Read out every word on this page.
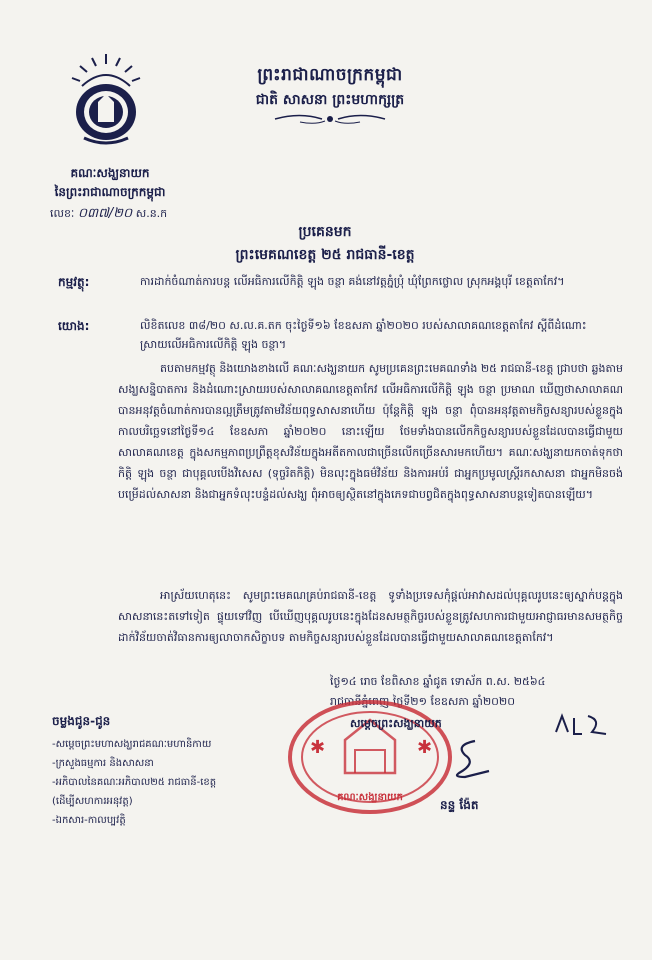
ព្រះរាជាណាចក្រកម្ពុជា
ជាតិ សាសនា ព្រះមហាក្សត្រ
គណៈសង្ឃនាយក
នៃព្រះរាជាណាចក្រកម្ពុជា
លេខៈ ០៣៧/២០ ស.ន.ក
ប្រគេនមក
ព្រះមេគណខេត្ត ២៥ រាជធានី-ខេត្ត
កម្មវត្ថុ:	ការដាក់ចំណាត់ការបន្ត លើអធិការលើកិត្តិ ឡុង ចន្ថា គង់នៅវត្តភ្នំប្រុំ ឃុំព្រែកថ្លោល ស្រុកអង្គបុរី ខេត្តតាកែវ។
យោង:	លិខិតលេខ ៣៨/២០ ស.ល.គ.តក ចុះថ្ងៃទី១៦ ខែឧសភា ឆ្នាំ២០២០ របស់សាលាគណខេត្តតាកែវ ស្តីពីដំណោះស្រាយលើអធិការលើកិត្តិ ឡុង ចន្ថា។

តបតាមកម្មវត្ថុ និងយោងខាងលើ គណៈសង្ឃនាយក សូមប្រគេនព្រះមេគណទាំង ២៥ រាជធានី-ខេត្ត ជ្រាបថា ឆ្លងតាមសង្ឃសន្និបាតការ និងដំណោះស្រាយរបស់សាលាគណខេត្តតាកែវ លើអធិការលើកិត្តិ ឡុង ចន្ថា ប្រមាណ ឃើញថាសាលាគណបានអនុវត្តចំណាត់ការបានល្អត្រឹមត្រូវតាមវិន័យពុទ្ធសាសនាហើយ ប៉ុន្តែកិត្តិ ឡុង ចន្ថា ពុំបានអនុវត្តតាមកិច្ចសន្យារបស់ខ្លួនក្នុងកាលបរិច្ឆេទនៅថ្ងៃទី១៤ ខែឧសភា ឆ្នាំ២០២០ នោះឡើយ ថែមទាំងបានលើកកិច្ចសន្យារបស់ខ្លួនដែលបានធ្វើជាមួយសាលាគណខេត្ត ក្នុងសកម្មភាពប្រព្រឹត្តខុសវិន័យក្នុងអតីតកាលជាច្រើនលើកច្រើនសារមកហើយ។ គណៈសង្ឃនាយកចាត់ទុកថា កិត្តិ ឡុង ចន្ថា ជាបុគ្គលបើងវិសេស (ទុច្ចរិតកិត្តិ) មិនលុះក្នុងធម៌វិន័យ និងការអប់រំ ជាអ្នកប្រមូលស្ត្រីរកសាសនា ជាអ្នកមិនចង់បម្រើដល់សាសនា និងជាអ្នកទំលុះបន្ទំដល់សង្ឃ ពុំអាចឲ្យស្ថិតនៅក្នុងភេទជាបព្វជិតក្នុងពុទ្ធសាសនាបន្តទៀតបានឡើយ។

អាស្រ័យហេតុនេះ សូមព្រះមេគណគ្រប់រាជធានី-ខេត្ត ទូទាំងប្រទេសកុំផ្តល់អាវាសដល់បុគ្គលរូបនេះឲ្យស្នាក់បន្តក្នុងសាសនានេះតទៅទៀត ផ្ទុយទៅវិញ បើឃើញបុគ្គលរូបនេះក្នុងដែនសមត្ថកិច្ចរបស់ខ្លួនត្រូវសហការជាមួយអាជ្ញាធរមានសមត្ថកិច្ចដាក់វិន័យចាត់វិធានការឲ្យលាចាកសិក្ខាបទ តាមកិច្ចសន្យារបស់ខ្លួនដែលបានធ្វើជាមួយសាលាគណខេត្តតាកែវ។

ថ្ងៃ១៤ រោច ខែពិសាខ ឆ្នាំជូត ទោស័ក ព.ស. ២៥៦៤
រាជធានីភ្នំពេញ ថ្ងៃទី២១ ខែឧសភា ឆ្នាំ២០២០
✱	✱
គណៈសង្ឃនាយក
សម្តេចព្រះសង្ឃនាយក
នន្ទ ង៉ែត
ចម្លងជូន-ជូន
-សម្តេចព្រះមហាសង្ឃរាជគណៈមហានិកាយ
-ក្រសួងធម្មការ និងសាសនា
-អភិបាលនៃគណៈអភិបាល២៥ រាជធានី-ខេត្ត
(ដើម្បីសហការអនុវត្ត)
-ឯកសារ-កាលប្បវត្តិ
